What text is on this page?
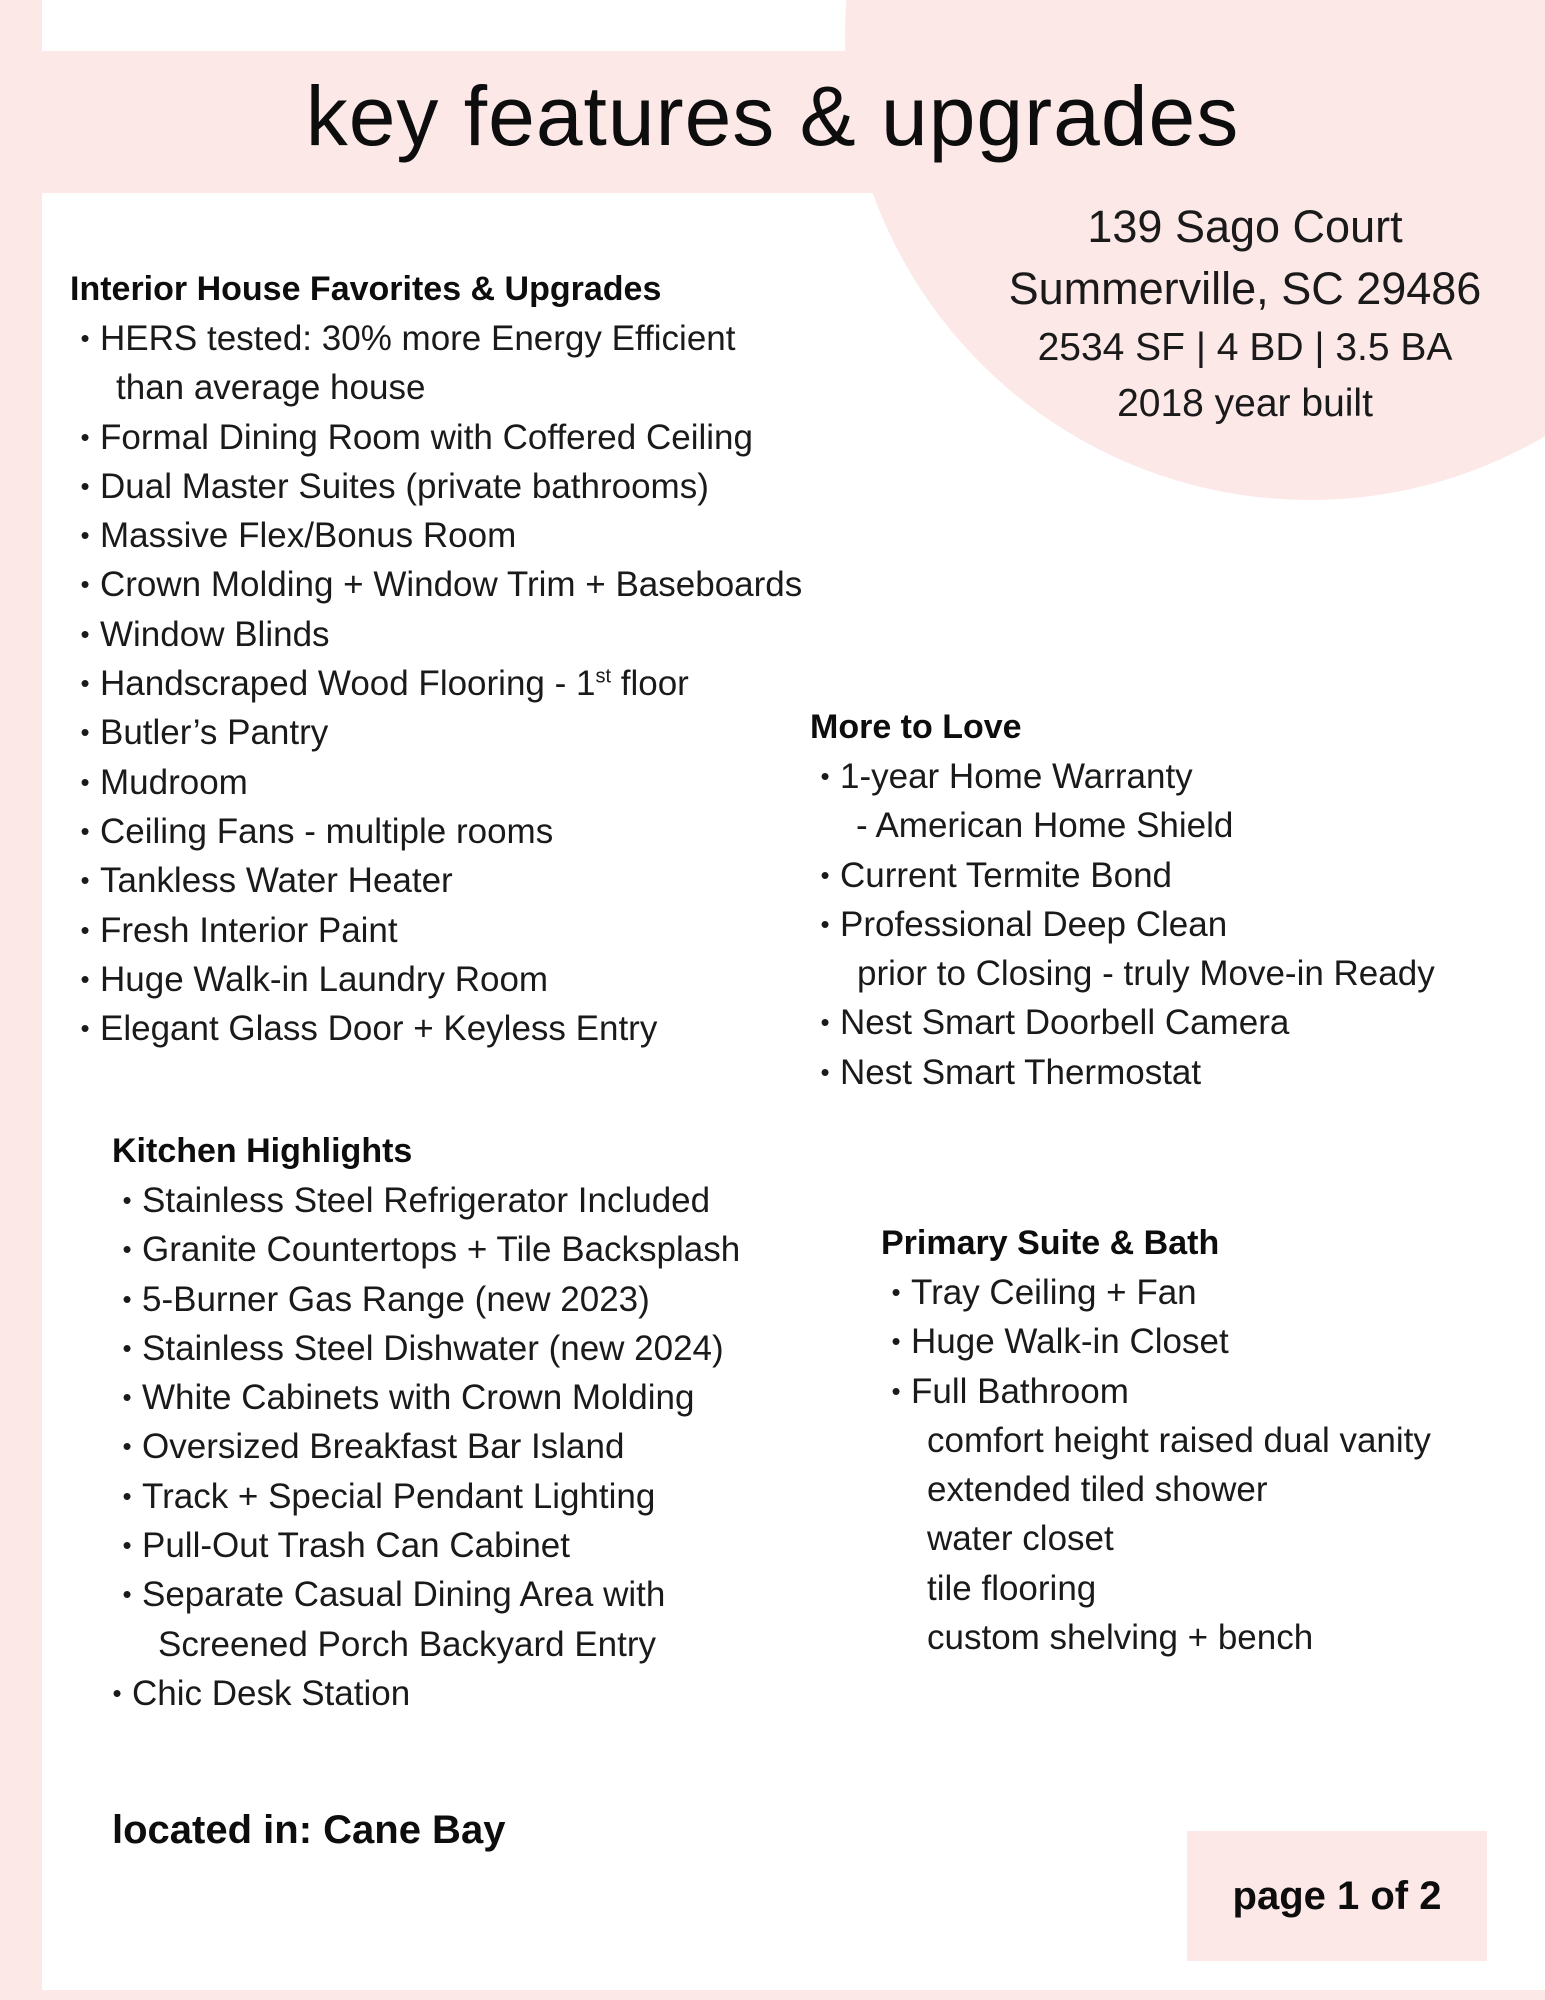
key features & upgrades
139 Sago Court
Summerville, SC 29486
2534 SF | 4 BD | 3.5 BA
2018 year built
Interior House Favorites & Upgrades
• HERS tested: 30% more Energy Efficient
than average house
• Formal Dining Room with Coffered Ceiling
• Dual Master Suites (private bathrooms)
• Massive Flex/Bonus Room
• Crown Molding + Window Trim + Baseboards
• Window Blinds
• Handscraped Wood Flooring - 1st floor
• Butler’s Pantry
• Mudroom
• Ceiling Fans - multiple rooms
• Tankless Water Heater
• Fresh Interior Paint
• Huge Walk-in Laundry Room
• Elegant Glass Door + Keyless Entry
More to Love
• 1-year Home Warranty
- American Home Shield
• Current Termite Bond
• Professional Deep Clean
prior to Closing - truly Move-in Ready
• Nest Smart Doorbell Camera
• Nest Smart Thermostat
Kitchen Highlights
• Stainless Steel Refrigerator Included
• Granite Countertops + Tile Backsplash
• 5-Burner Gas Range (new 2023)
• Stainless Steel Dishwater (new 2024)
• White Cabinets with Crown Molding
• Oversized Breakfast Bar Island
• Track + Special Pendant Lighting
• Pull-Out Trash Can Cabinet
• Separate Casual Dining Area with
Screened Porch Backyard Entry
• Chic Desk Station
Primary Suite & Bath
• Tray Ceiling + Fan
• Huge Walk-in Closet
• Full Bathroom
comfort height raised dual vanity
extended tiled shower
water closet
tile flooring
custom shelving + bench
located in: Cane Bay
page 1 of 2
